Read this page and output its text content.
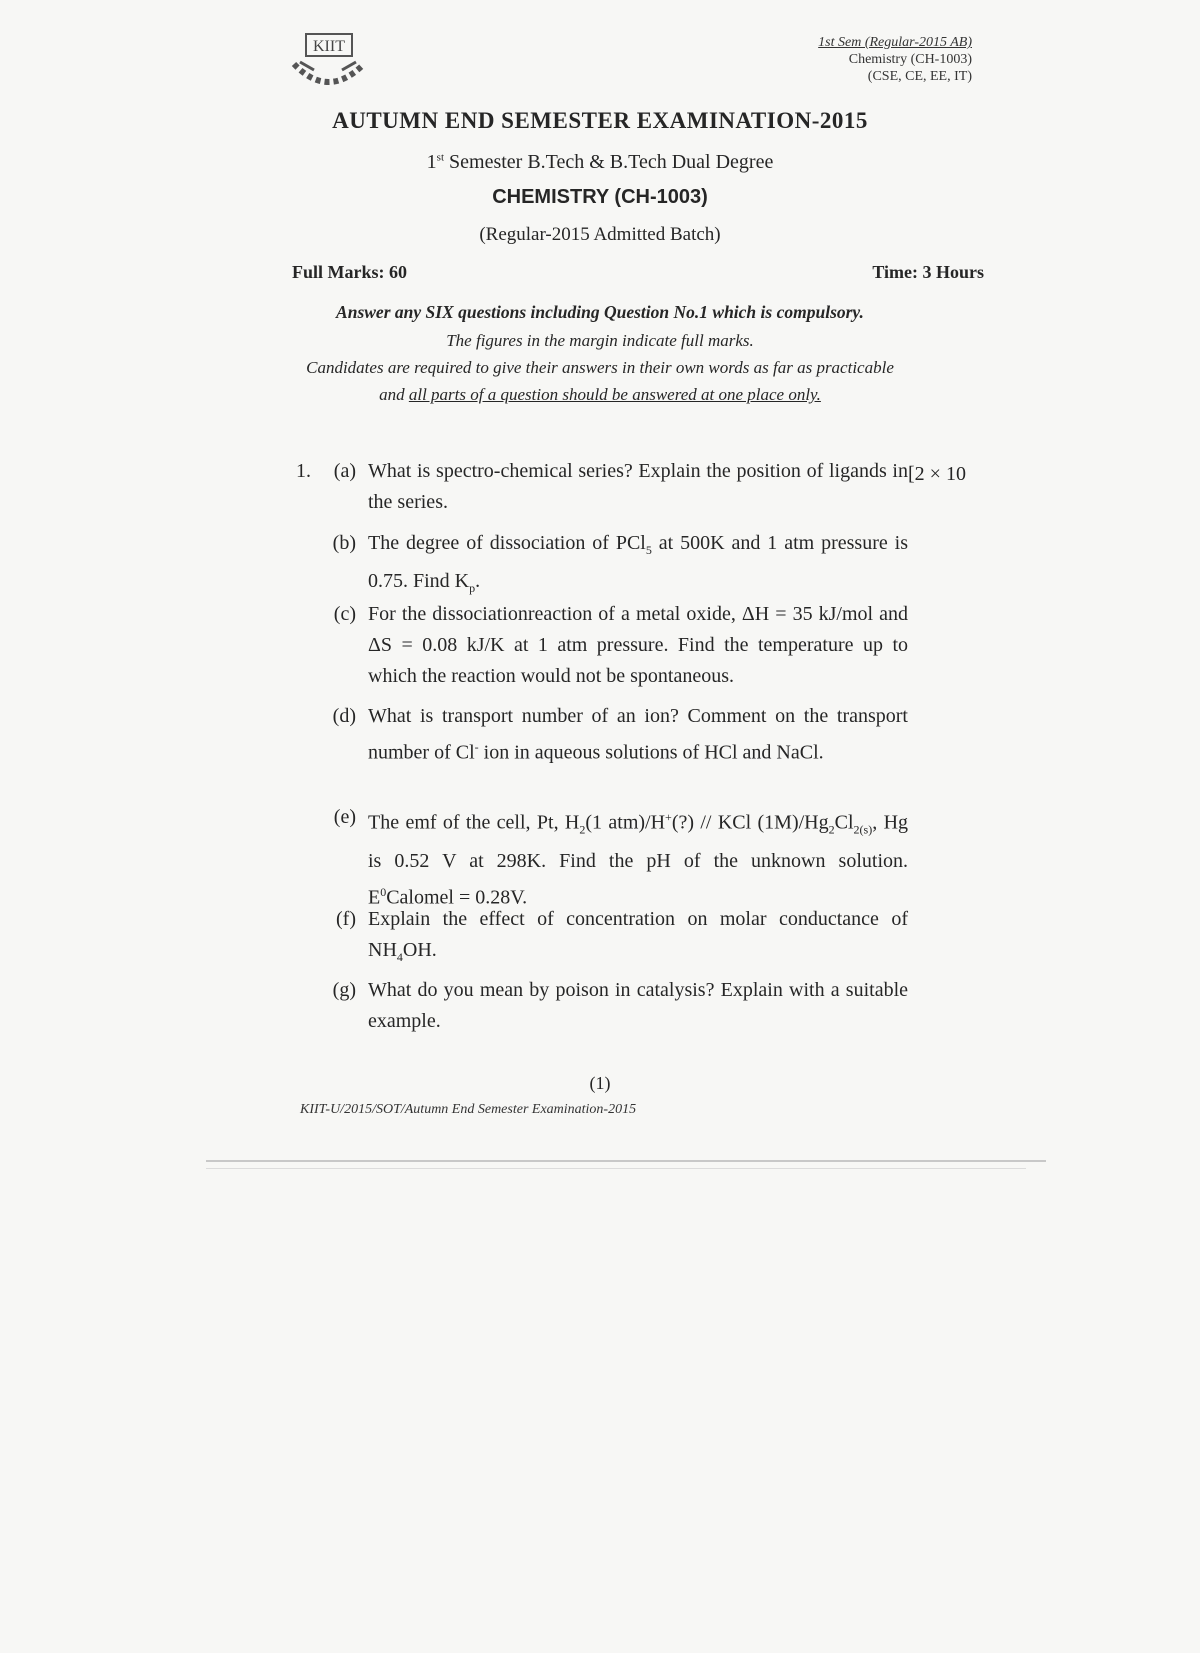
KIIT	1st Sem (Regular-2015 AB)
Chemistry (CH-1003)
(CSE, CE, EE, IT)
AUTUMN END SEMESTER EXAMINATION-2015
1st Semester B.Tech & B.Tech Dual Degree
CHEMISTRY (CH-1003)
(Regular-2015 Admitted Batch)
Full Marks: 60	Time: 3 Hours
Answer any SIX questions including Question No.1 which is compulsory.
The figures in the margin indicate full marks.
Candidates are required to give their answers in their own words as far as practicable
and all parts of a question should be answered at one place only.
1.	[2 × 10
(a) What is spectro-chemical series? Explain the position of ligands in the series.
(b) The degree of dissociation of PCl$_5$ at 500K and 1 atm pressure is 0.75. Find $K_p$.
(c) For the dissociationreaction of a metal oxide, ΔH = 35 kJ/mol and ΔS = 0.08 kJ/K at 1 atm pressure. Find the temperature up to which the reaction would not be spontaneous.
(d) What is transport number of an ion? Comment on the transport number of Cl- ion in aqueous solutions of HCl and NaCl.
(e) The emf of the cell, Pt, $H_2(1$ atm)/H+(?) // KCl $(1M)/Hg_2Cl_{2(s)}$, Hg is 0.52 V at 298K. Find the pH of the unknown solution. $E^0Calomel = 0.28V$.
(f) Explain the effect of concentration on molar conductance of $NH_4OH$.
(g) What do you mean by poison in catalysis? Explain with a suitable example.
(1)
KIIT-U/2015/SOT/Autumn End Semester Examination-2015
